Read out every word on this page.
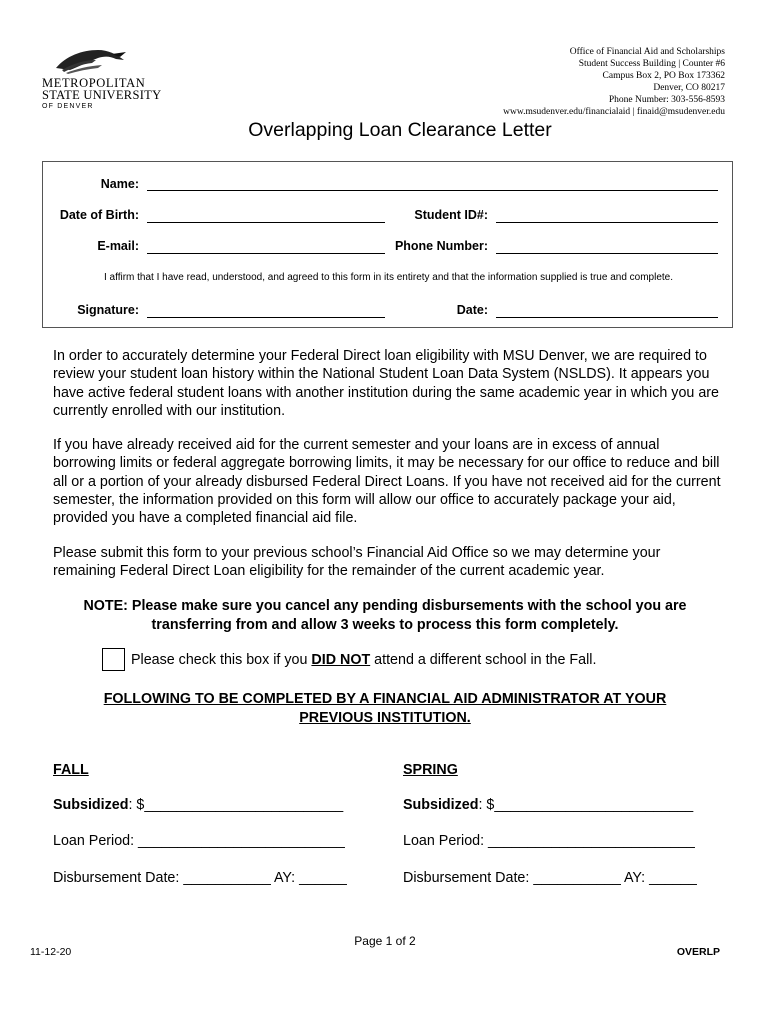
METROPOLITAN
STATE UNIVERSITY
OF DENVER
Office of Financial Aid and Scholarships
Student Success Building | Counter #6
Campus Box 2, PO Box 173362
Denver, CO 80217
Phone Number: 303-556-8593
www.msudenver.edu/financialaid | finaid@msudenver.edu
Overlapping Loan Clearance Letter
Name:
Date of Birth:	Student ID#:
E-mail:	Phone Number:
I affirm that I have read, understood, and agreed to this form in its entirety and that the information supplied is true and complete.
Signature:	Date:
In order to accurately determine your Federal Direct loan eligibility with MSU Denver, we are required to review your student loan history within the National Student Loan Data System (NSLDS). It appears you have active federal student loans with another institution during the same academic year in which you are currently enrolled with our institution.
If you have already received aid for the current semester and your loans are in excess of annual borrowing limits or federal aggregate borrowing limits, it may be necessary for our office to reduce and bill all or a portion of your already disbursed Federal Direct Loans. If you have not received aid for the current semester, the information provided on this form will allow our office to accurately package your aid, provided you have a completed financial aid file.
Please submit this form to your previous school’s Financial Aid Office so we may determine your remaining Federal Direct Loan eligibility for the remainder of the current academic year.
NOTE: Please make sure you cancel any pending disbursements with the school you are
transferring from and allow 3 weeks to process this form completely.
Please check this box if you DID NOT attend a different school in the Fall.
FOLLOWING TO BE COMPLETED BY A FINANCIAL AID ADMINISTRATOR AT YOUR
PREVIOUS INSTITUTION.
FALL
Subsidized: $_________________________
Loan Period: __________________________
Disbursement Date: ___________ AY: ______
SPRING
Subsidized: $_________________________
Loan Period: __________________________
Disbursement Date: ___________ AY: ______
11-12-20
Page 1 of 2
OVERLP
